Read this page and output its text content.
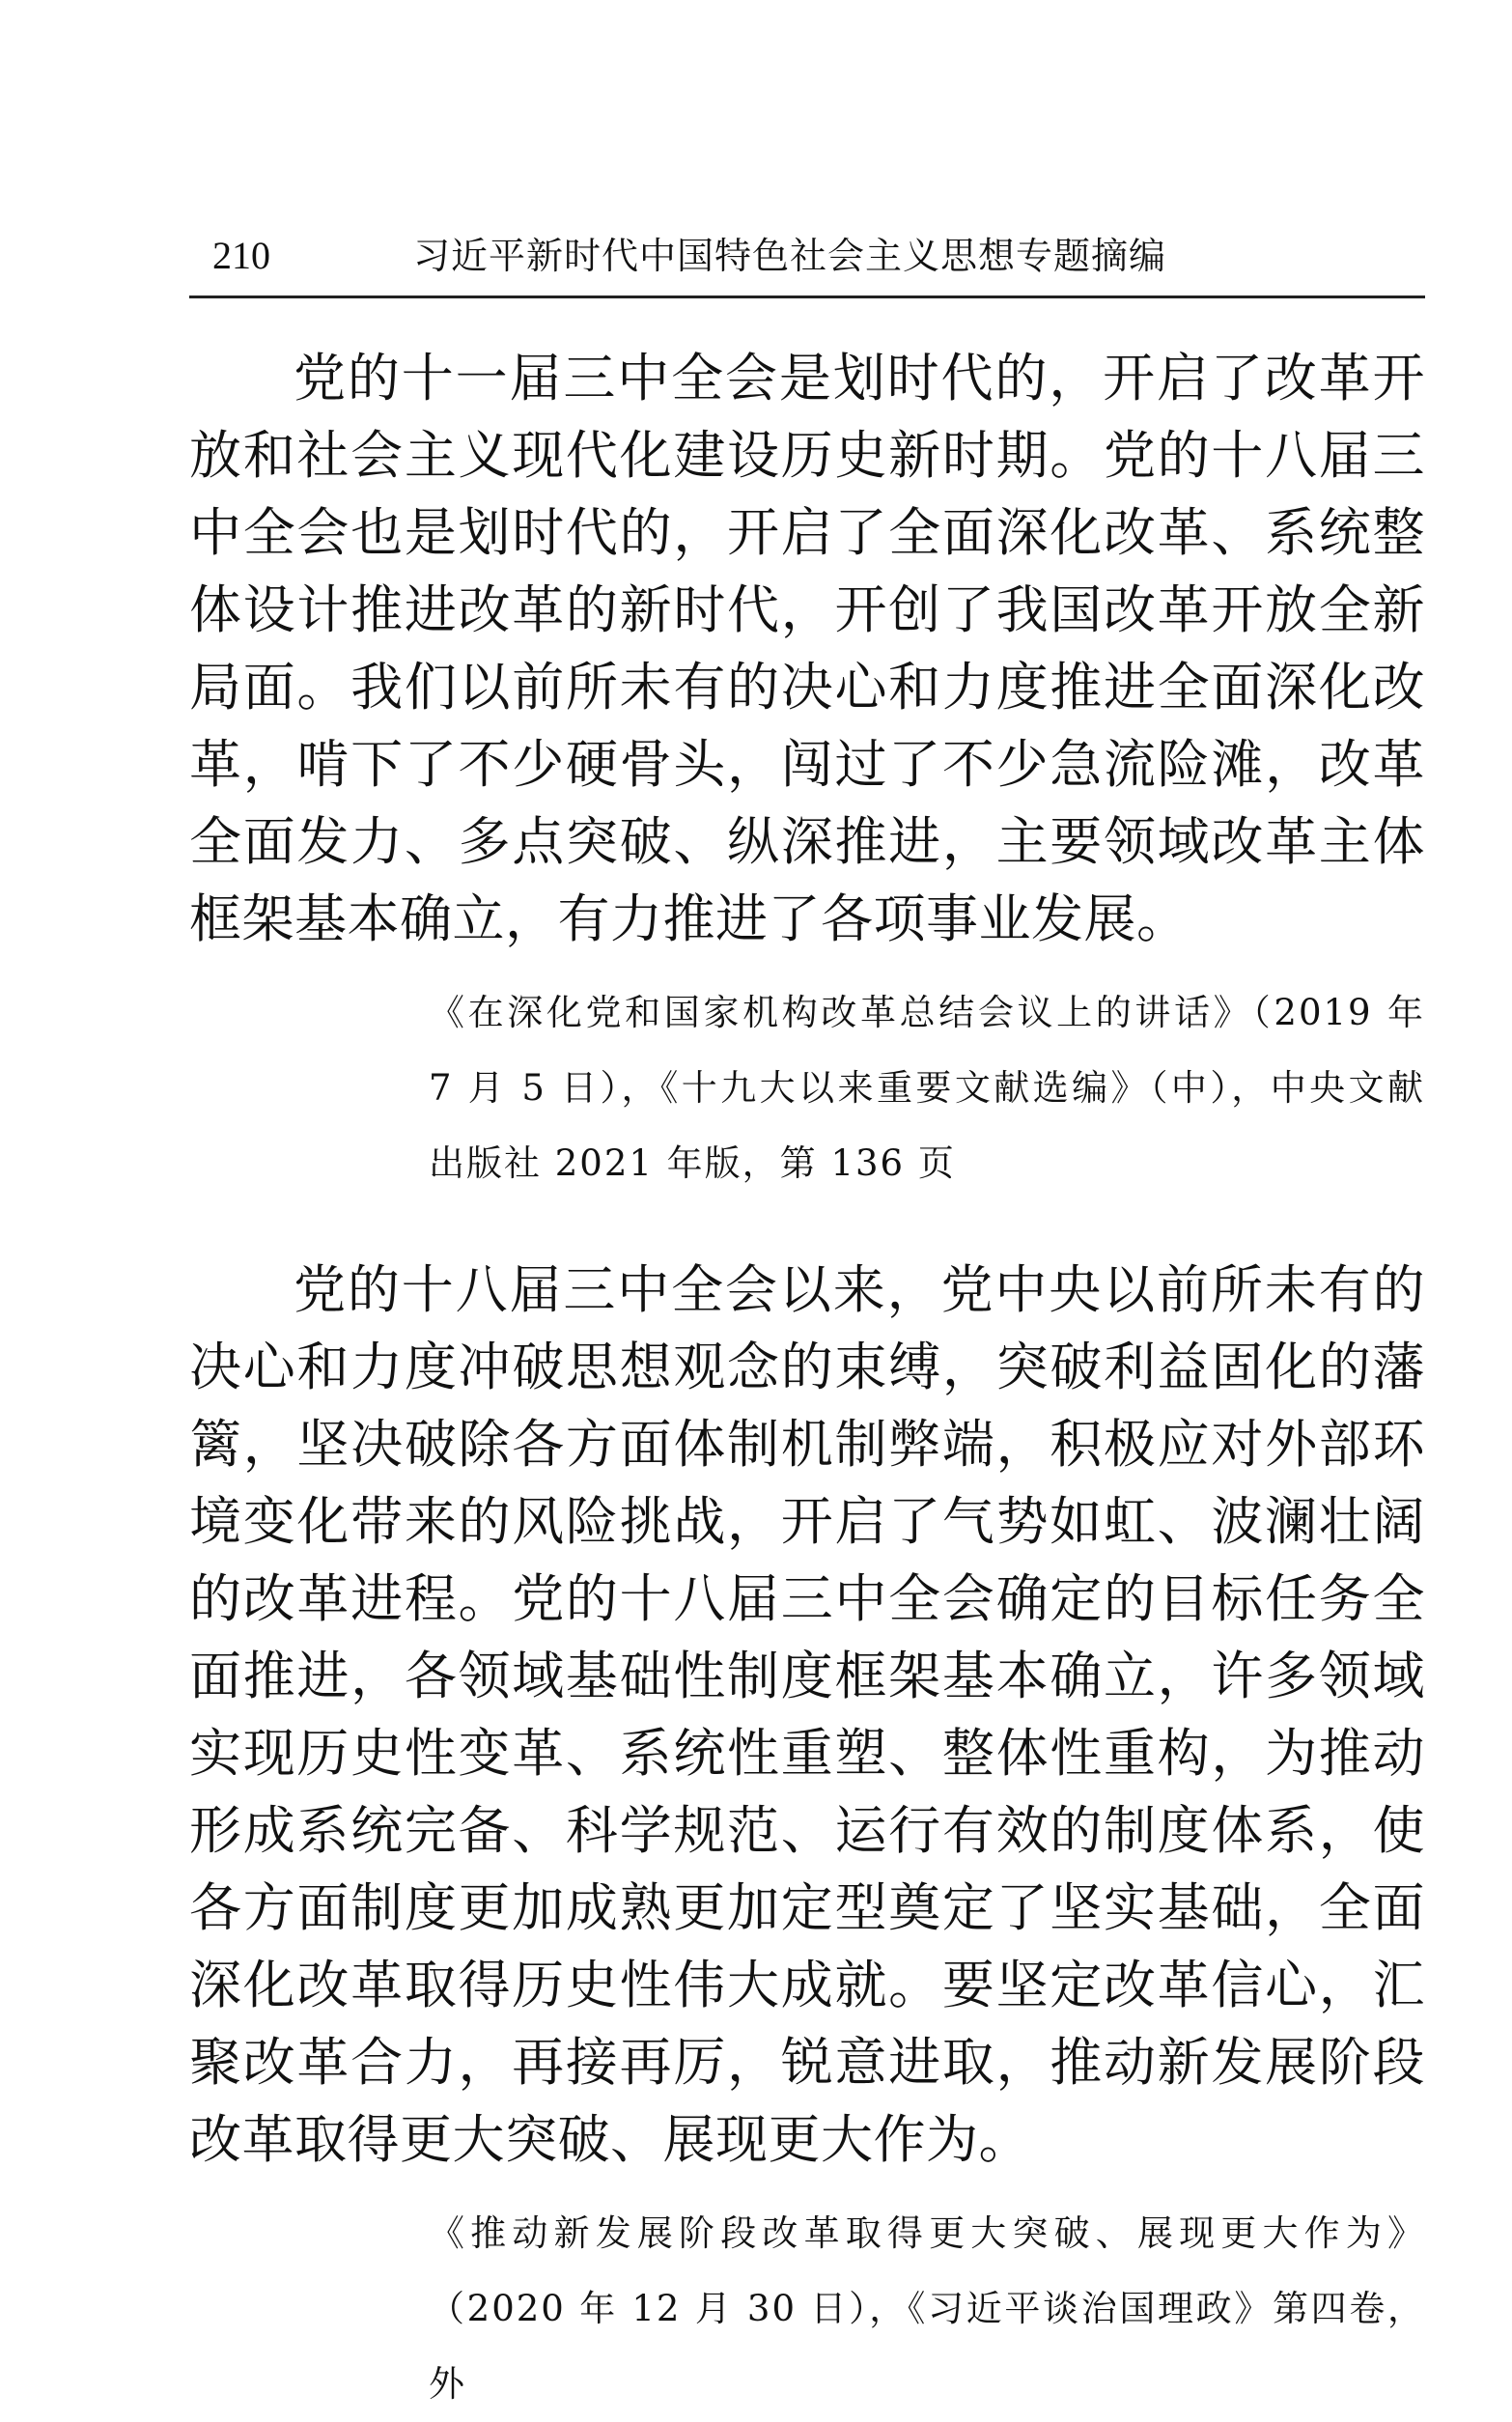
210	习近平新时代中国特色社会主义思想专题摘编

党的十一届三中全会是划时代的，开启了改革开放和社会主义现代化建设历史新时期。党的十八届三中全会也是划时代的，开启了全面深化改革、系统整体设计推进改革的新时代，开创了我国改革开放全新局面。我们以前所未有的决心和力度推进全面深化改革，啃下了不少硬骨头，闯过了不少急流险滩，改革全面发力、多点突破、纵深推进，主要领域改革主体框架基本确立，有力推进了各项事业发展。

《在深化党和国家机构改革总结会议上的讲话》（2019 年 7 月 5 日），《十九大以来重要文献选编》（中），中央文献出版社 2021 年版，第 136 页

党的十八届三中全会以来，党中央以前所未有的决心和力度冲破思想观念的束缚，突破利益固化的藩篱，坚决破除各方面体制机制弊端，积极应对外部环境变化带来的风险挑战，开启了气势如虹、波澜壮阔的改革进程。党的十八届三中全会确定的目标任务全面推进，各领域基础性制度框架基本确立，许多领域实现历史性变革、系统性重塑、整体性重构，为推动形成系统完备、科学规范、运行有效的制度体系，使各方面制度更加成熟更加定型奠定了坚实基础，全面深化改革取得历史性伟大成就。要坚定改革信心，汇聚改革合力，再接再厉，锐意进取，推动新发展阶段改革取得更大突破、展现更大作为。

《推动新发展阶段改革取得更大突破、展现更大作为》（2020 年 12 月 30 日），《习近平谈治国理政》第四卷，外
